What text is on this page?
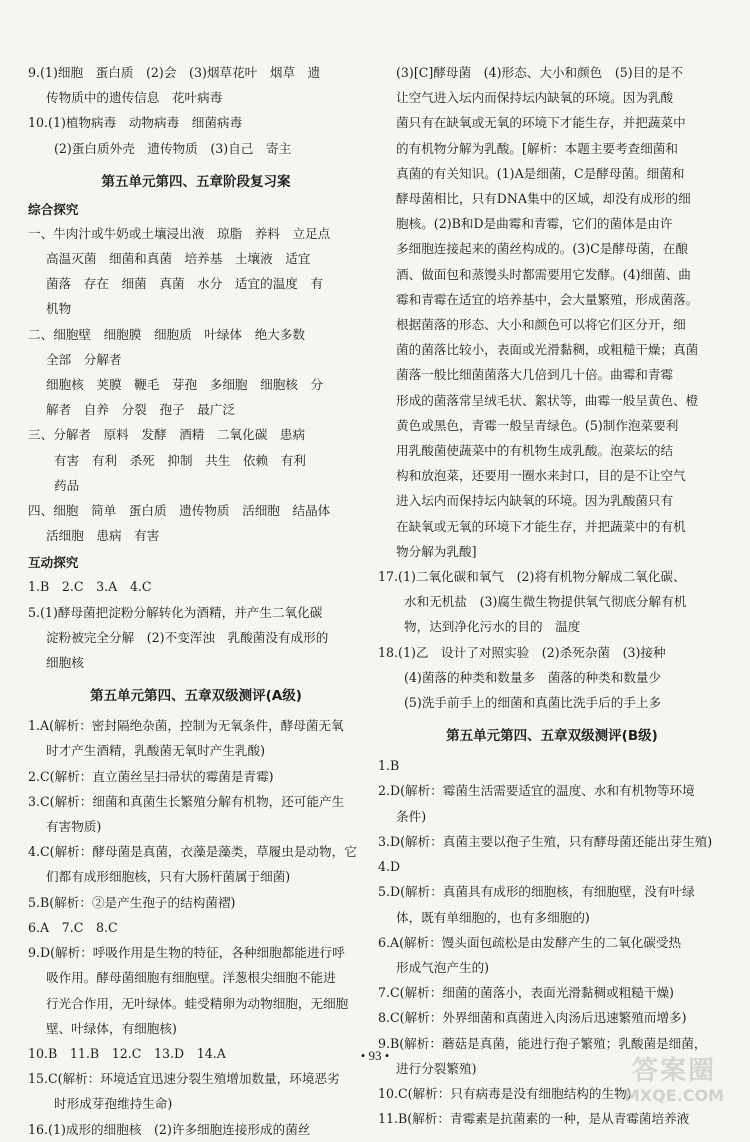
9.(1)细胞　蛋白质　(2)会　(3)烟草花叶　烟草　遗

传物质中的遗传信息　花叶病毒

10.(1)植物病毒　动物病毒　细菌病毒

(2)蛋白质外壳　遗传物质　(3)自己　寄主

第五单元第四、五章阶段复习案
综合探究

一、牛肉汁或牛奶或土壤浸出液　琼脂　养料　立足点

高温灭菌　细菌和真菌　培养基　土壤液　适宜

菌落　存在　细菌　真菌　水分　适宜的温度　有

机物

二、细胞壁　细胞膜　细胞质　叶绿体　绝大多数

全部　分解者

细胞核　荚膜　鞭毛　芽孢　多细胞　细胞核　分

解者　自养　分裂　孢子　最广泛

三、分解者　原料　发酵　酒精　二氧化碳　患病

有害　有利　杀死　抑制　共生　依赖　有利

药品

四、细胞　简单　蛋白质　遗传物质　活细胞　结晶体

活细胞　患病　有害

互动探究

1.B　2.C　3.A　4.C

5.(1)酵母菌把淀粉分解转化为酒精，并产生二氧化碳

淀粉被完全分解　(2)不变浑浊　乳酸菌没有成形的

细胞核

第五单元第四、五章双级测评(A级)

1.A(解析：密封隔绝杂菌，控制为无氧条件，酵母菌无氧

时才产生酒精，乳酸菌无氧时产生乳酸)

2.C(解析：直立菌丝呈扫帚状的霉菌是青霉)

3.C(解析：细菌和真菌生长繁殖分解有机物，还可能产生

有害物质)

4.C(解析：酵母菌是真菌，衣藻是藻类，草履虫是动物，它

们都有成形细胞核，只有大肠杆菌属于细菌)

5.B(解析：②是产生孢子的结构菌褶)

6.A　7.C　8.C

9.D(解析：呼吸作用是生物的特征，各种细胞都能进行呼

吸作用。酵母菌细胞有细胞壁。洋葱根尖细胞不能进

行光合作用，无叶绿体。蛙受精卵为动物细胞，无细胞

壁、叶绿体，有细胞核)

10.B　11.B　12.C　13.D　14.A

15.C(解析：环境适宜迅速分裂生殖增加数量，环境恶劣

时形成芽孢维持生命)

16.(1)成形的细胞核　(2)许多细胞连接形成的菌丝

(3)[C]酵母菌　(4)形态、大小和颜色　(5)目的是不

让空气进入坛内而保持坛内缺氧的环境。因为乳酸

菌只有在缺氧或无氧的环境下才能生存，并把蔬菜中

的有机物分解为乳酸。[解析：本题主要考查细菌和

真菌的有关知识。(1)A是细菌，C是酵母菌。细菌和

酵母菌相比，只有DNA集中的区域，却没有成形的细

胞核。(2)B和D是曲霉和青霉，它们的菌体是由许

多细胞连接起来的菌丝构成的。(3)C是酵母菌，在酿

酒、做面包和蒸馒头时都需要用它发酵。(4)细菌、曲

霉和青霉在适宜的培养基中，会大量繁殖，形成菌落。

根据菌落的形态、大小和颜色可以将它们区分开，细

菌的菌落比较小，表面或光滑黏稠，或粗糙干燥；真菌

菌落一般比细菌菌落大几倍到几十倍。曲霉和青霉

形成的菌落常呈绒毛状、絮状等，曲霉一般呈黄色、橙

黄色或黑色，青霉一般呈青绿色。(5)制作泡菜要利

用乳酸菌使蔬菜中的有机物生成乳酸。泡菜坛的结

构和放泡菜，还要用一圈水来封口，目的是不让空气

进入坛内而保持坛内缺氧的环境。因为乳酸菌只有

在缺氧或无氧的环境下才能生存，并把蔬菜中的有机

物分解为乳酸]

17.(1)二氧化碳和氧气　(2)将有机物分解成二氧化碳、

水和无机盐　(3)腐生微生物提供氧气彻底分解有机

物，达到净化污水的目的　温度

18.(1)乙　设计了对照实验　(2)杀死杂菌　(3)接种

(4)菌落的种类和数量多　菌落的种类和数量少

(5)洗手前手上的细菌和真菌比洗手后的手上多

第五单元第四、五章双级测评(B级)

1.B

2.D(解析：霉菌生活需要适宜的温度、水和有机物等环境

条件)

3.D(解析：真菌主要以孢子生殖，只有酵母菌还能出芽生殖)

4.D

5.D(解析：真菌具有成形的细胞核，有细胞壁，没有叶绿

体，既有单细胞的，也有多细胞的)

6.A(解析：馒头面包疏松是由发酵产生的二氧化碳受热

形成气泡产生的)

7.C(解析：细菌的菌落小，表面光滑黏稠或粗糙干燥)

8.C(解析：外界细菌和真菌进入肉汤后迅速繁殖而增多)

9.B(解析：蘑菇是真菌，能进行孢子繁殖；乳酸菌是细菌，

进行分裂繁殖)

10.C(解析：只有病毒是没有细胞结构的生物)

11.B(解析：青霉素是抗菌素的一种，是从青霉菌培养液

• 93 •
答案圈
MXQE.COM
